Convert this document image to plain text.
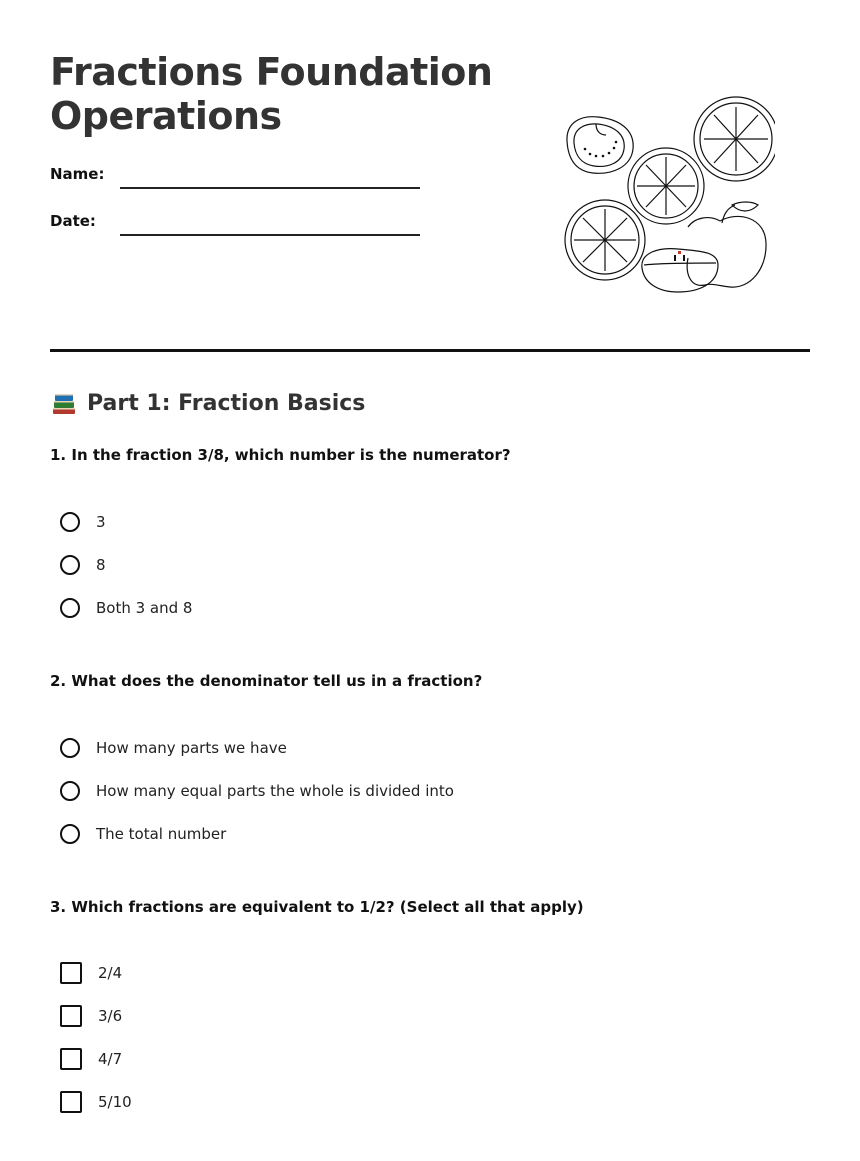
Fractions Foundation
Operations
Name:
Date:
Part 1: Fraction Basics

1. In the fraction 3/8, which number is the numerator?

3
8
Both 3 and 8

2. What does the denominator tell us in a fraction?

How many parts we have
How many equal parts the whole is divided into
The total number

3. Which fractions are equivalent to 1/2? (Select all that apply)

2/4
3/6
4/7
5/10
